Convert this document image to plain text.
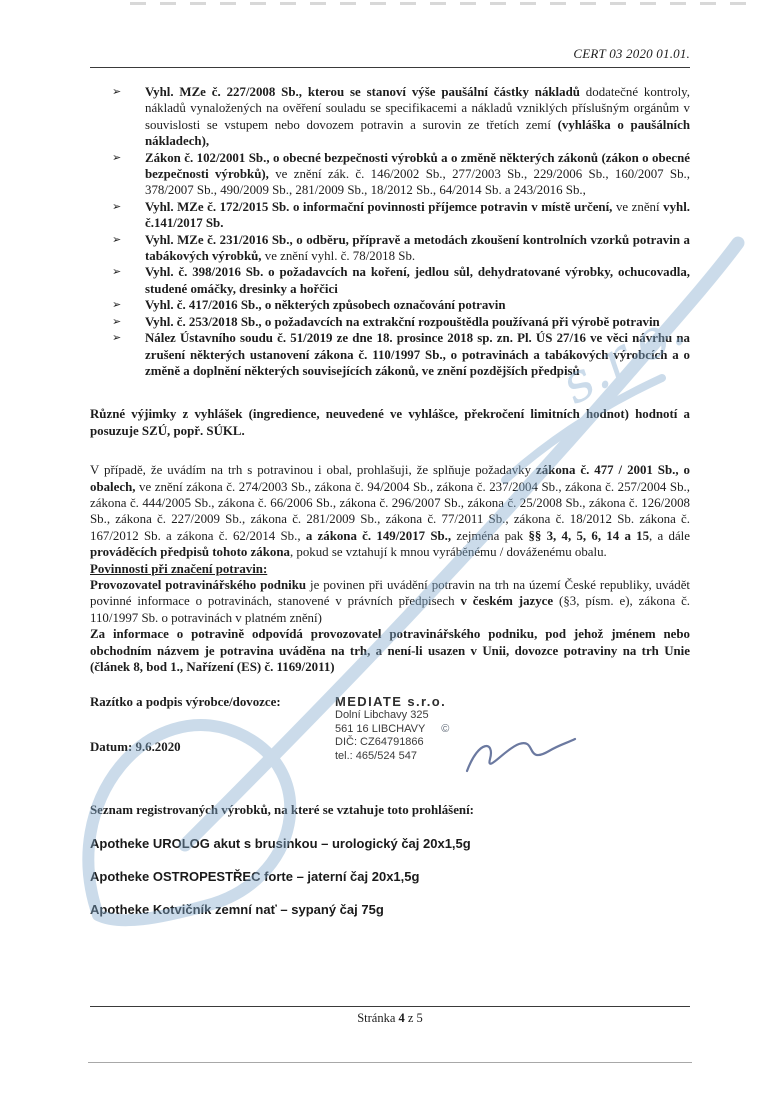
CERT 03 2020 01.01.
➢	Vyhl. MZe č. 227/2008 Sb., kterou se stanoví výše paušální částky nákladů dodatečné kontroly, nákladů vynaložených na ověření souladu se specifikacemi a nákladů vzniklých příslušným orgánům v souvislosti se vstupem nebo dovozem potravin a surovin ze třetích zemí (vyhláška o paušálních nákladech),
➢	Zákon č. 102/2001 Sb., o obecné bezpečnosti výrobků a o změně některých zákonů (zákon o obecné bezpečnosti výrobků), ve znění zák. č. 146/2002 Sb., 277/2003 Sb., 229/2006 Sb., 160/2007 Sb., 378/2007 Sb., 490/2009 Sb., 281/2009 Sb., 18/2012 Sb., 64/2014 Sb. a 243/2016 Sb.,
➢	Vyhl. MZe č. 172/2015 Sb. o informační povinnosti příjemce potravin v místě určení, ve znění vyhl. č.141/2017 Sb.
➢	Vyhl. MZe č. 231/2016 Sb., o odběru, přípravě a metodách zkoušení kontrolních vzorků potravin a tabákových výrobků, ve znění vyhl. č. 78/2018 Sb.
➢	Vyhl. č. 398/2016 Sb. o požadavcích na koření, jedlou sůl, dehydratované výrobky, ochucovadla, studené omáčky, dresinky a hořčici
➢	Vyhl. č. 417/2016 Sb., o některých způsobech označování potravin
➢	Vyhl. č. 253/2018 Sb., o požadavcích na extrakční rozpouštědla používaná při výrobě potravin
➢	Nález Ústavního soudu č. 51/2019 ze dne 18. prosince 2018 sp. zn. Pl. ÚS 27/16 ve věci návrhu na zrušení některých ustanovení zákona č. 110/1997 Sb., o potravinách a tabákových výrobcích a o změně a doplnění některých souvisejících zákonů, ve znění pozdějších předpisů

Různé výjimky z vyhlášek (ingredience, neuvedené ve vyhlášce, překročení limitních hodnot) hodnotí a posuzuje SZÚ, popř. SÚKL.

V případě, že uvádím na trh s potravinou i obal, prohlašuji, že splňuje požadavky zákona č. 477 / 2001 Sb., o obalech, ve znění zákona č. 274/2003 Sb., zákona č. 94/2004 Sb., zákona č. 237/2004 Sb., zákona č. 257/2004 Sb., zákona č. 444/2005 Sb., zákona č. 66/2006 Sb., zákona č. 296/2007 Sb., zákona č. 25/2008 Sb., zákona č. 126/2008 Sb., zákona č. 227/2009 Sb., zákona č. 281/2009 Sb., zákona č. 77/2011 Sb., zákona č. 18/2012 Sb. zákona č. 167/2012 Sb. a zákona č. 62/2014 Sb., a zákona č. 149/2017 Sb., zejména pak §§ 3, 4, 5, 6, 14 a 15, a dále prováděcích předpisů tohoto zákona, pokud se vztahují k mnou vyráběnému / dováženému obalu.

Povinnosti při značení potravin:

Provozovatel potravinářského podniku je povinen při uvádění potravin na trh na území České republiky, uvádět povinné informace o potravinách, stanovené v právních předpisech v českém jazyce (§3, písm. e), zákona č. 110/1997 Sb. o potravinách v platném znění)

Za informace o potravině odpovídá provozovatel potravinářského podniku, pod jehož jménem nebo obchodním názvem je potravina uváděna na trh, a není-li usazen v Unii, dovozce potraviny na trh Unie (článek 8, bod 1., Nařízení (ES) č. 1169/2011)

Razítko a podpis výrobce/dovozce:
Datum: 9.6.2020
MEDIATE s.r.o.
Dolní Libchavy 325
561 16 LIBCHAVY ©
DIČ: CZ64791866
tel.: 465/524 547
Seznam registrovaných výrobků, na které se vztahuje toto prohlášení:
Apotheke UROLOG akut s brusinkou – urologický čaj 20x1,5g
Apotheke OSTROPESTŘEC forte – jaterní čaj 20x1,5g
Apotheke Kotvičník zemní nať – sypaný čaj 75g
Stránka 4 z 5
s.r.o.
